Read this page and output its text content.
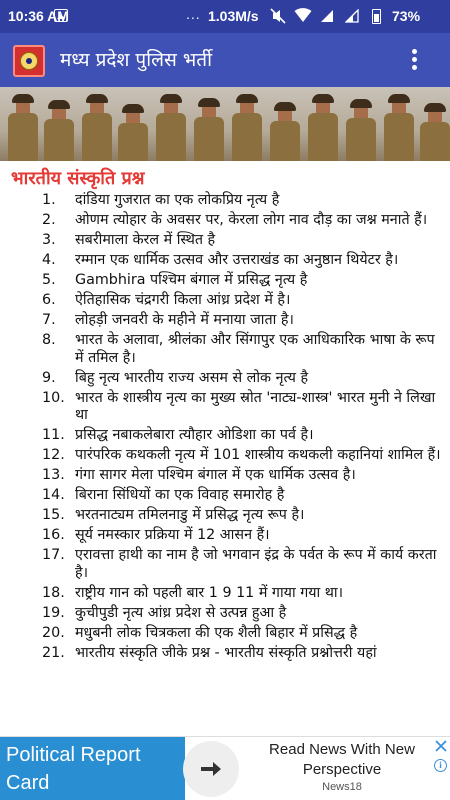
10:36 AM	... 1.03M/s	73%
मध्य प्रदेश पुलिस भर्ती
भारतीय संस्कृति प्रश्न
1.	दांडिया गुजरात का एक लोकप्रिय नृत्य है
2.	ओणम त्योहार के अवसर पर, केरला लोग नाव दौड़ का जश्न मनाते हैं।
3.	सबरीमाला केरल में स्थित है
4.	रम्मान एक धार्मिक उत्सव और उत्तराखंड का अनुष्ठान थियेटर है।
5.	Gambhira पश्चिम बंगाल में प्रसिद्ध नृत्य है
6.	ऐतिहासिक चंद्रगरी किला आंध्र प्रदेश में है।
7.	लोहड़ी जनवरी के महीने में मनाया जाता है।
8.	भारत के अलावा, श्रीलंका और सिंगापुर एक आधिकारिक भाषा के रूप में तमिल है।
9.	बिहु नृत्य भारतीय राज्य असम से लोक नृत्य है
10. भारत के शास्त्रीय नृत्य का मुख्य स्रोत 'नाट्य-शास्त्र' भारत मुनी ने लिखा था
11. प्रसिद्ध नबाकलेबारा त्यौहार ओडिशा का पर्व है।
12. पारंपरिक कथकली नृत्य में 101 शास्त्रीय कथकली कहानियां शामिल हैं।
13. गंगा सागर मेला पश्चिम बंगाल में एक धार्मिक उत्सव है।
14. बिराना सिंधियों का एक विवाह समारोह है
15. भरतनाट्यम तमिलनाडु में प्रसिद्ध नृत्य रूप है।
16. सूर्य नमस्कार प्रक्रिया में 12 आसन हैं।
17. एरावत्ता हाथी का नाम है जो भगवान इंद्र के पर्वत के रूप में कार्य करता है।
18. राष्ट्रीय गान को पहली बार 1 9 11 में गाया गया था।
19. कुचीपुडी नृत्य आंध्र प्रदेश से उत्पन्न हुआ है
20. मधुबनी लोक चित्रकला की एक शैली बिहार में प्रसिद्ध है
21. भारतीय संस्कृति जीके प्रश्न - भारतीय संस्कृति प्रश्नोत्तरी यहां
Political Report Card
Read News With New Perspective
News18
i
